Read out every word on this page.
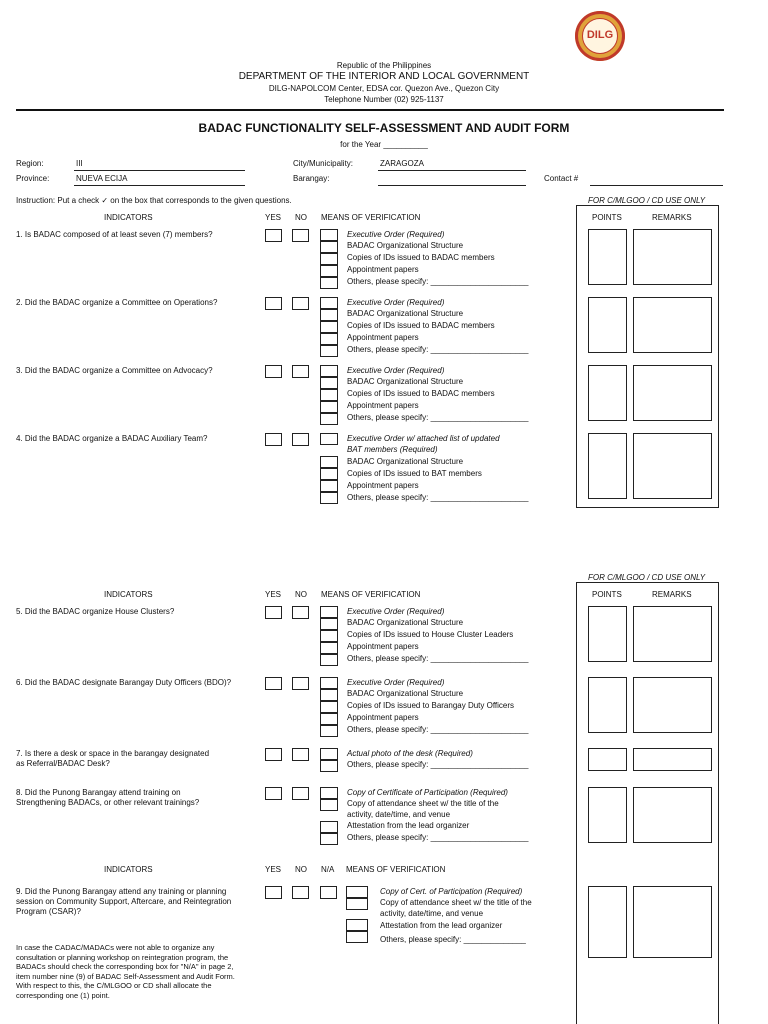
DILG
Republic of the Philippines
DEPARTMENT OF THE INTERIOR AND LOCAL GOVERNMENT
DILG-NAPOLCOM Center, EDSA cor. Quezon Ave., Quezon City
Telephone Number (02) 925-1137
BADAC FUNCTIONALITY SELF-ASSESSMENT AND AUDIT FORM
for the Year __________
Region:	III
Province:	NUEVA ECIJA
City/Municipality:	ZARAGOZA
Barangay:	Contact #
Instruction: Put a check ✓ on the box that corresponds to the given questions.	FOR C/MLGOO / CD USE ONLY
INDICATORS	YES NO MEANS OF VERIFICATION	POINTS	REMARKS
1. Is BADAC composed of at least seven (7) members?	Executive Order (Required)
BADAC Organizational Structure
Copies of IDs issued to BADAC members
Appointment papers
Others, please specify: ______________________
2. Did the BADAC organize a Committee on Operations?	Executive Order (Required)
BADAC Organizational Structure
Copies of IDs issued to BADAC members
Appointment papers
Others, please specify: ______________________
3. Did the BADAC organize a Committee on Advocacy?	Executive Order (Required)
BADAC Organizational Structure
Copies of IDs issued to BADAC members
Appointment papers
Others, please specify: ______________________
4. Did the BADAC organize a BADAC Auxiliary Team?	Executive Order w/ attached list of updated
BAT members (Required)
BADAC Organizational Structure
Copies of IDs issued to BAT members
Appointment papers
Others, please specify: ______________________
FOR C/MLGOO / CD USE ONLY
INDICATORS	YES NO MEANS OF VERIFICATION	POINTS	REMARKS
5. Did the BADAC organize House Clusters?	Executive Order (Required)
BADAC Organizational Structure
Copies of IDs issued to House Cluster Leaders
Appointment papers
Others, please specify: ______________________
6. Did the BADAC designate Barangay Duty Officers (BDO)?	Executive Order (Required)
BADAC Organizational Structure
Copies of IDs issued to Barangay Duty Officers
Appointment papers
Others, please specify: ______________________
7. Is there a desk or space in the barangay designated
as Referral/BADAC Desk?
Actual photo of the desk (Required)
Others, please specify: ______________________
8. Did the Punong Barangay attend training on
Strengthening BADACs, or other relevant trainings?
Copy of Certificate of Participation (Required)
Copy of attendance sheet w/ the title of the
activity, date/time, and venue
Attestation from the lead organizer
Others, please specify: ______________________
INDICATORS	YES NO N/A MEANS OF VERIFICATION
9. Did the Punong Barangay attend any training or planning
session on Community Support, Aftercare, and Reintegration
Program (CSAR)?
Copy of Cert. of Participation (Required)
Copy of attendance sheet w/ the title of the
activity, date/time, and venue
Attestation from the lead organizer
Others, please specify: ______________
In case the CADAC/MADACs were not able to organize any
consultation or planning workshop on reintegration program, the
BADACs should check the corresponding box for "N/A" in page 2,
item number nine (9) of BADAC Self-Assessment and Audit Form.
With respect to this, the C/MLGOO or CD shall allocate the
corresponding one (1) point.
